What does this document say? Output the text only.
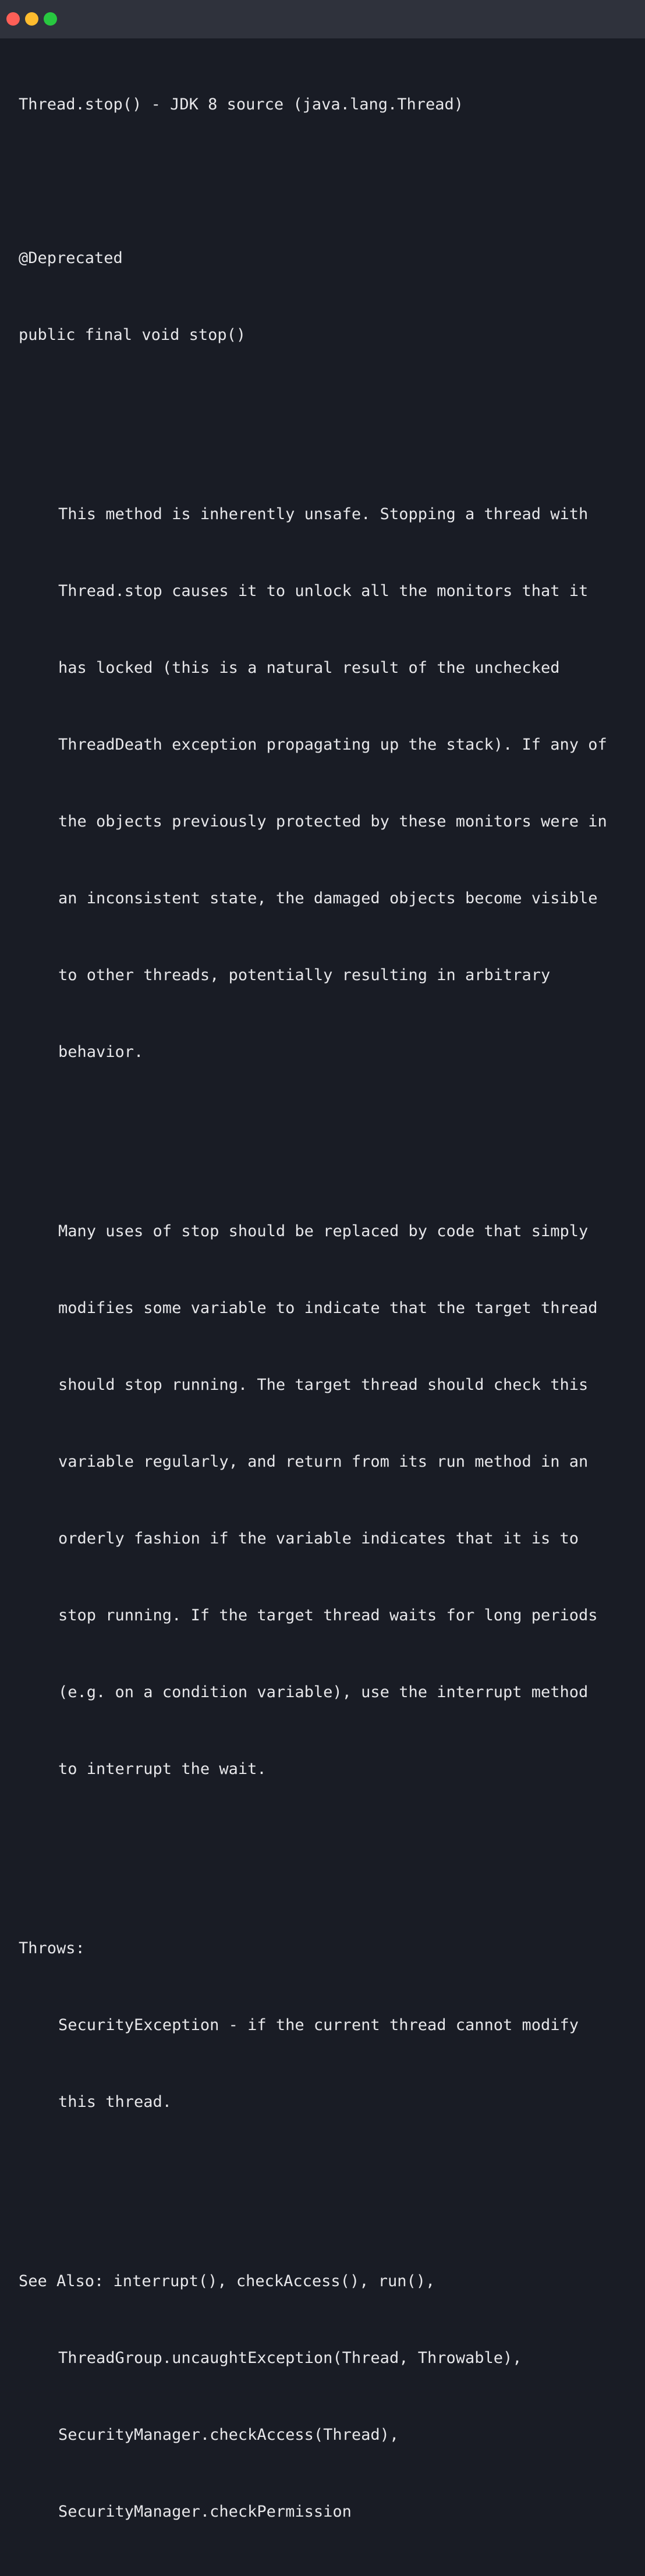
Thread.stop() - JDK 8 source (java.lang.Thread)

@Deprecated

public final void stop()

This method is inherently unsafe. Stopping a thread with

Thread.stop causes it to unlock all the monitors that it

has locked (this is a natural result of the unchecked

ThreadDeath exception propagating up the stack). If any of

the objects previously protected by these monitors were in

an inconsistent state, the damaged objects become visible

to other threads, potentially resulting in arbitrary

behavior.

Many uses of stop should be replaced by code that simply

modifies some variable to indicate that the target thread

should stop running. The target thread should check this

variable regularly, and return from its run method in an

orderly fashion if the variable indicates that it is to

stop running. If the target thread waits for long periods

(e.g. on a condition variable), use the interrupt method

to interrupt the wait.

Throws:

SecurityException - if the current thread cannot modify

this thread.

See Also: interrupt(), checkAccess(), run(),

ThreadGroup.uncaughtException(Thread, Throwable),

SecurityManager.checkAccess(Thread),

SecurityManager.checkPermission
